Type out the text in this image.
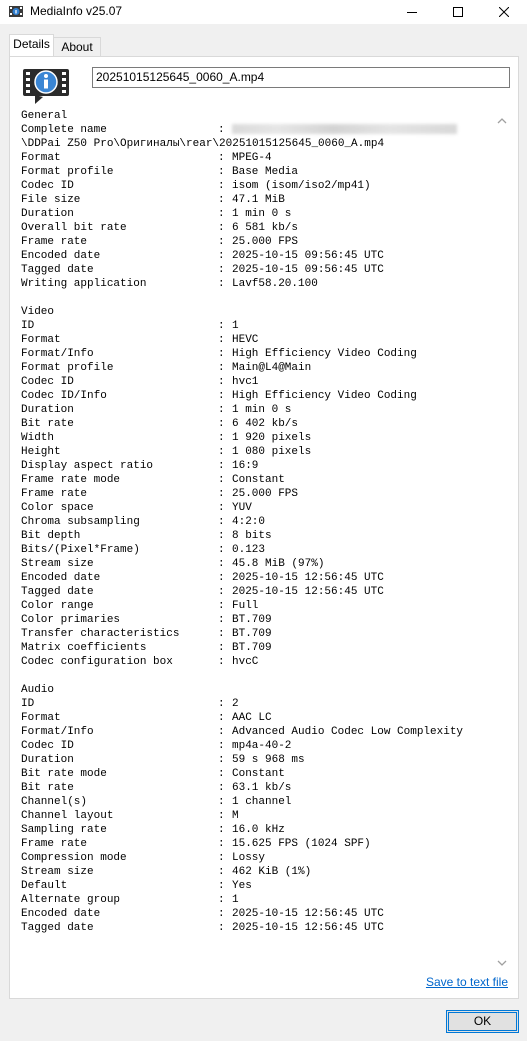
MediaInfo v25.07
Details About
20251015125645_0060_A.mp4
General
Complete name	:
\DDPai Z50 Pro\Оригиналы\rear\20251015125645_0060_A.mp4
Format	: MPEG-4
Format profile	: Base Media
Codec ID	: isom (isom/iso2/mp41)
File size	: 47.1 MiB
Duration	: 1 min 0 s
Overall bit rate	: 6 581 kb/s
Frame rate	: 25.000 FPS
Encoded date	: 2025-10-15 09:56:45 UTC
Tagged date	: 2025-10-15 09:56:45 UTC
Writing application	: Lavf58.20.100
Video
ID	: 1
Format	: HEVC
Format/Info	: High Efficiency Video Coding
Format profile	: Main@L4@Main
Codec ID	: hvc1
Codec ID/Info	: High Efficiency Video Coding
Duration	: 1 min 0 s
Bit rate	: 6 402 kb/s
Width	: 1 920 pixels
Height	: 1 080 pixels
Display aspect ratio	: 16:9
Frame rate mode	: Constant
Frame rate	: 25.000 FPS
Color space	: YUV
Chroma subsampling	: 4:2:0
Bit depth	: 8 bits
Bits/(Pixel*Frame)	: 0.123
Stream size	: 45.8 MiB (97%)
Encoded date	: 2025-10-15 12:56:45 UTC
Tagged date	: 2025-10-15 12:56:45 UTC
Color range	: Full
Color primaries	: BT.709
Transfer characteristics	: BT.709
Matrix coefficients	: BT.709
Codec configuration box	: hvcC
Audio
ID	: 2
Format	: AAC LC
Format/Info	: Advanced Audio Codec Low Complexity
Codec ID	: mp4a-40-2
Duration	: 59 s 968 ms
Bit rate mode	: Constant
Bit rate	: 63.1 kb/s
Channel(s)	: 1 channel
Channel layout	: M
Sampling rate	: 16.0 kHz
Frame rate	: 15.625 FPS (1024 SPF)
Compression mode	: Lossy
Stream size	: 462 KiB (1%)
Default	: Yes
Alternate group	: 1
Encoded date	: 2025-10-15 12:56:45 UTC
Tagged date	: 2025-10-15 12:56:45 UTC
Save to text file
OK
